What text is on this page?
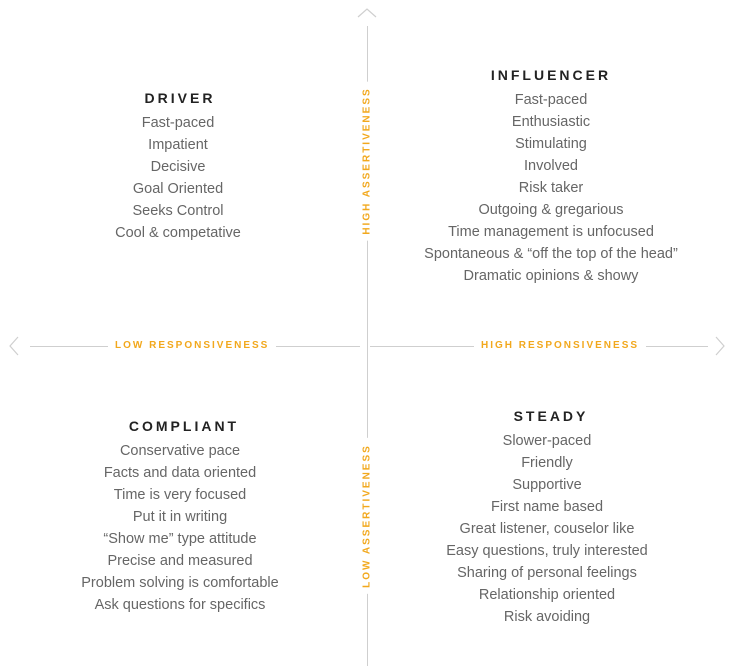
LOW RESPONSIVENESS	HIGH RESPONSIVENESS
HIGH ASSERTIVENESS
LOW ASSERTIVENESS
DRIVER
Fast-paced
Impatient
Decisive
Goal Oriented
Seeks Control
Cool & competative
INFLUENCER
Fast-paced
Enthusiastic
Stimulating
Involved
Risk taker
Outgoing & gregarious
Time management is unfocused
Spontaneous & “off the top of the head”
Dramatic opinions & showy
COMPLIANT
Conservative pace
Facts and data oriented
Time is very focused
Put it in writing
“Show me” type attitude
Precise and measured
Problem solving is comfortable
Ask questions for specifics
STEADY
Slower-paced
Friendly
Supportive
First name based
Great listener, couselor like
Easy questions, truly interested
Sharing of personal feelings
Relationship oriented
Risk avoiding
